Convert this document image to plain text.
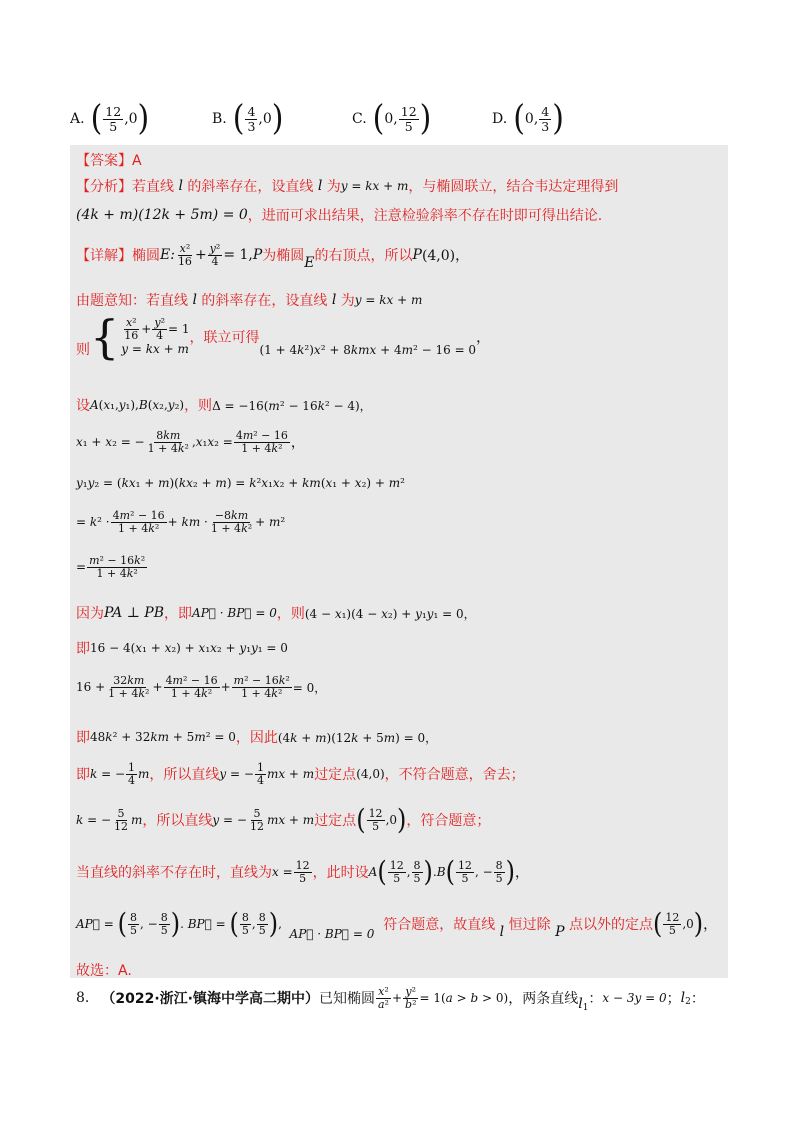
A. ( $\frac{12}{5} ,0$ )	B. ( $\frac{4}{3} ,0$ )	C. ( 0, $\frac{12}{5}$ )	D. ( 0, $\frac{4}{3}$ )
【答案】A
【分析】 若直线 l 的斜率存在，设直线 l 为 y = kx + m ，与椭圆联立，结合韦达定理得到
(4k + m)(12k + 5m) = 0 ，进而可求出结果，注意检验斜率不存在时即可得出结论.
【详解】 椭圆 E: $\frac{\text{x²}}{16} + \frac{\text{y²}}{4} = 1$, P 为椭圆 E 的右顶点，所以 P (4,0)，
由题意知：若直线 l 的斜率存在，设直线 l 为 y = kx + m
则 { $\frac{\text{x²}}{16} + \frac{\text{y²}}{4} = 1$
y = kx + m
，联立可得
(1 + 4k²)x² + 8kmx + 4m² − 16 = 0
，
设 A(x₁,y₁),B(x₂,y₂) ，则 Δ = −16(m² − 16k² − 4)，
x₁ + x₂ = − $\frac{8km}{\text{1 + 4k²}} ,x_1x_2 = \frac{\text{4m² − 16}}{\text{1 + 4k²}}$ ，
y₁y₂ = (kx₁ + m)(kx₂ + m) = k²x₁x₂ + km(x₁ + x₂) + m²
= $k^2 \cdot \frac{\text{4m² − 16}}{\text{1 + 4k²}}$ + km · $\frac{-8km}{\text{1 + 4k²}} + m^2$
= $\frac{\text{m² − 16k²}}{\text{1 + 4k²}}$
因为 PA ⊥ PB ，即 AP⃗ · BP⃗ = 0 ，则 (4 − x₁)(4 − x₂) + y₁y₁ = 0，
即 16 − 4(x₁ + x₂) + x₁x₂ + y₁y₁ = 0
$16 + \frac{32km}{\text{1 + 4k²}} + \frac{\text{4m² − 16}}{\text{1 + 4k²}} + \frac{\text{m² − 16k²}}{\text{1 + 4k²}} = 0$，
即 48k² + 32km + 5m² = 0 ，因此 (4k + m)(12k + 5m) = 0，
即 k = − $\frac{1}{4}$ m ，所以直线 y = − $\frac{1}{4}$ mx + m 过定点 (4,0) ，不符合题意，舍去；
k = − $\frac{5}{12}$ m ，所以直线 y = − $\frac{5}{12}$ mx + m 过定点 ( $\frac{12}{5} ,0$ ) ，符合题意；
当直线的斜率不存在时，直线为 $x = \frac{12}{5}$ ，此时设 A ( $\frac{12}{5}$ , $\frac{8}{5}$ ) . B ( $\frac{12}{5}$ , − $\frac{8}{5}$ ) ，
AP⃗ = ( $\frac{8}{5}$ , − $\frac{8}{5}$ ) . BP⃗ = ( $\frac{8}{5}$ , $\frac{8}{5}$ ) ,
AP⃗ · BP⃗ = 0

符合题意，故直线 l 恒过除 P 点以外的定点 ( $\frac{12}{5} ,0$ ) ，
故选：A.
8. （2022·浙江·镇海中学高二期中） 已知椭圆 $\frac{\text{x²}}{\text{a²}} + \frac{\text{y²}}{\text{b²}} = 1(a > b > 0)$ ，两条直线 l 1
： x − 3y = 0 ； l 2 ：
